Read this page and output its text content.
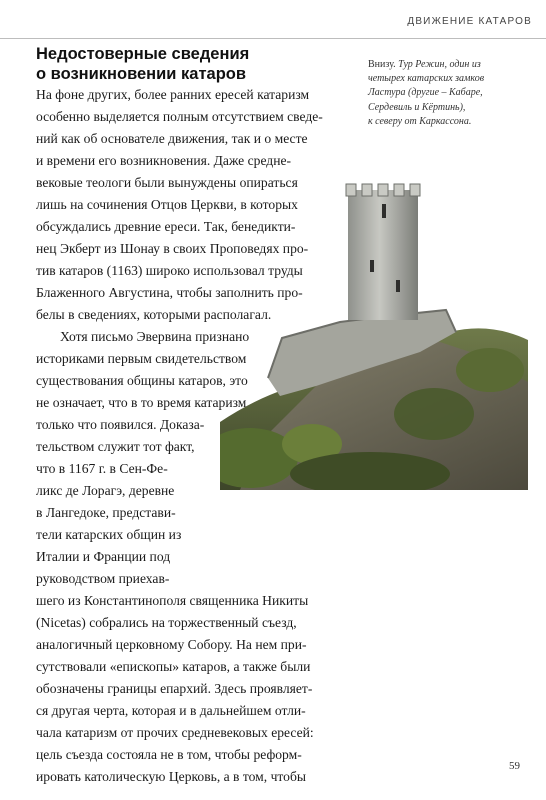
ДВИЖЕНИЕ КАТАРОВ
Недостоверные сведения
о возникновении катаров
Внизу. Тур Режин, один из
четырех катарских замков
Ластура (другие – Кабаре,
Сердевиль и Кёртинь),
к северу от Каркассона.

На фоне других, более ранних ересей катаризм

особенно выделяется полным отсутствием сведе-

ний как об основателе движения, так и о месте

и времени его возникновения. Даже средне-

вековые теологи были вынуждены опираться

лишь на сочинения Отцов Церкви, в которых

обсуждались древние ереси. Так, бенедикти-

нец Экберт из Шонау в своих Проповедях про-

тив катаров (1163) широко использовал труды

Блаженного Августина, чтобы заполнить про-

белы в сведениях, которыми располагал.

Хотя письмо Эвервина признано

историками первым свидетельством

существования общины катаров, это

не означает, что в то время катаризм

только что появился. Доказа-

тельством служит тот факт,

что в 1167 г. в Сен-Фе-

ликс де Лорагэ, деревне

в Лангедоке, представи-

тели катарских общин из

Италии и Франции под

руководством приехав-

шего из Константинополя священника Никиты

(Nicetas) собрались на торжественный съезд,

аналогичный церковному Собору. На нем при-

сутствовали «епископы» катаров, а также были

обозначены границы епархий. Здесь проявляет-

ся другая черта, которая и в дальнейшем отли-

чала катаризм от прочих средневековых ересей:

цель съезда состояла не в том, чтобы реформ-

ировать католическую Церковь, а в том, чтобы

59
